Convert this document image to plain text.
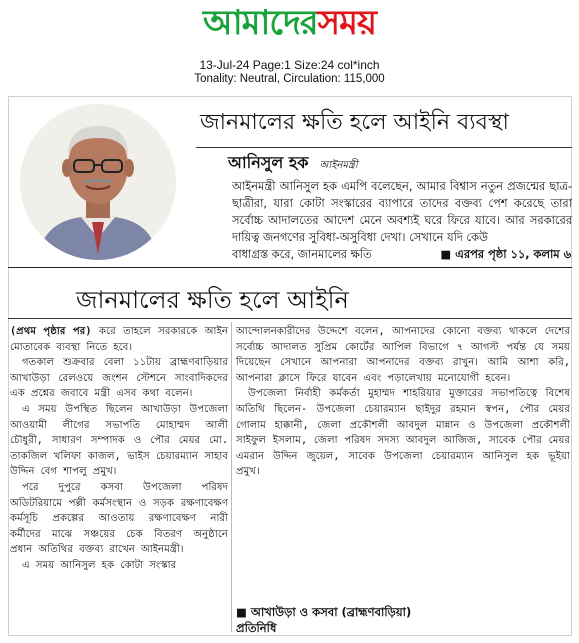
আমাদেরসময়
13-Jul-24 Page:1 Size:24 col*inch
Tonality: Neutral, Circulation: 115,000
জানমালের ক্ষতি হলে আইনি ব্যবস্থা
আনিসুল হক আইনমন্ত্রী
আইনমন্ত্রী আনিসুল হক এমপি বলেছেন, আমার বিশ্বাস নতুন প্রজন্মের ছাত্র-ছাত্রীরা, যারা কোটা সংস্কারের ব্যাপারে তাদের বক্তব্য পেশ করেছে তারা সর্বোচ্চ আদালতের আদেশ মেনে অবশ্যই ঘরে ফিরে যাবে। আর সরকারের দায়িত্ব জনগণের সুবিধা-অসুবিধা দেখা। সেখানে যদি কেউ
বাধাগ্রস্ত করে, জানমালের ক্ষতি	■ এরপর পৃষ্ঠা ১১, কলাম ৬
জানমালের ক্ষতি হলে আইনি

(প্রথম পৃষ্ঠার পর) করে তাহলে সরকারকে আইন মোতাবেক ব্যবস্থা নিতে হবে।

গতকাল শুক্রবার বেলা ১১টায় ব্রাহ্মণবাড়িয়ার আখাউড়া রেলওয়ে জংশন স্টেশনে সাংবাদিকদের এক প্রশ্নের জবাবে মন্ত্রী এসব কথা বলেন।

এ সময় উপস্থিত ছিলেন আখাউড়া উপজেলা আওয়ামী লীগের সভাপতি মোহাম্মদ আলী চৌধুরী, সাধারণ সম্পাদক ও পৌর মেয়র মো. তাকজিল খলিফা কাজল, ভাইস চেয়ারম্যান সাহাব উদ্দিন বেগ শাপলু প্রমুখ।

পরে দুপুরে কসবা উপজেলা পরিষদ অডিটরিয়ামে পল্লী কর্মসংস্থান ও সড়ক রক্ষণাবেক্ষণ কর্মসূচি প্রকল্পের আওতায় রক্ষণাবেক্ষণ নারী কর্মীদের মাঝে সঞ্চয়ের চেক বিতরণ অনুষ্ঠানে প্রধান অতিথির বক্তব্য রাখেন আইনমন্ত্রী।

এ সময় আনিসুল হক কোটা সংস্কার

আন্দোলনকারীদের উদ্দেশে বলেন, আপনাদের কোনো বক্তব্য থাকলে দেশের সর্বোচ্চ আদালত সুপ্রিম কোর্টের আপিল বিভাগে ৭ আগস্ট পর্যন্ত যে সময় দিয়েছেন সেখানে আপনারা আপনাদের বক্তব্য রাখুন। আমি আশা করি, আপনারা ক্লাসে ফিরে যাবেন এবং পড়ালেখায় মনোযোগী হবেন।

উপজেলা নির্বাহী কর্মকর্তা মুহাম্মদ শাহরিয়ার মুক্তারের সভাপতিত্বে বিশেষ অতিথি ছিলেন- উপজেলা চেয়ারম্যান ছাইদুর রহমান স্বপন, পৌর মেয়র গোলাম হাক্কানী, জেলা প্রকৌশলী আবদুল মান্নান ও উপজেলা প্রকৌশলী সাইফুল ইসলাম, জেলা পরিষদ সদস্য আবদুল আজিজ, সাবেক পৌর মেয়র এমরান উদ্দিন জুয়েল, সাবেক উপজেলা চেয়ারম্যান আনিসুল হক ভূইয়া প্রমুখ।

■ আখাউড়া ও কসবা (ব্রাহ্মণবাড়িয়া)
প্রতিনিধি
